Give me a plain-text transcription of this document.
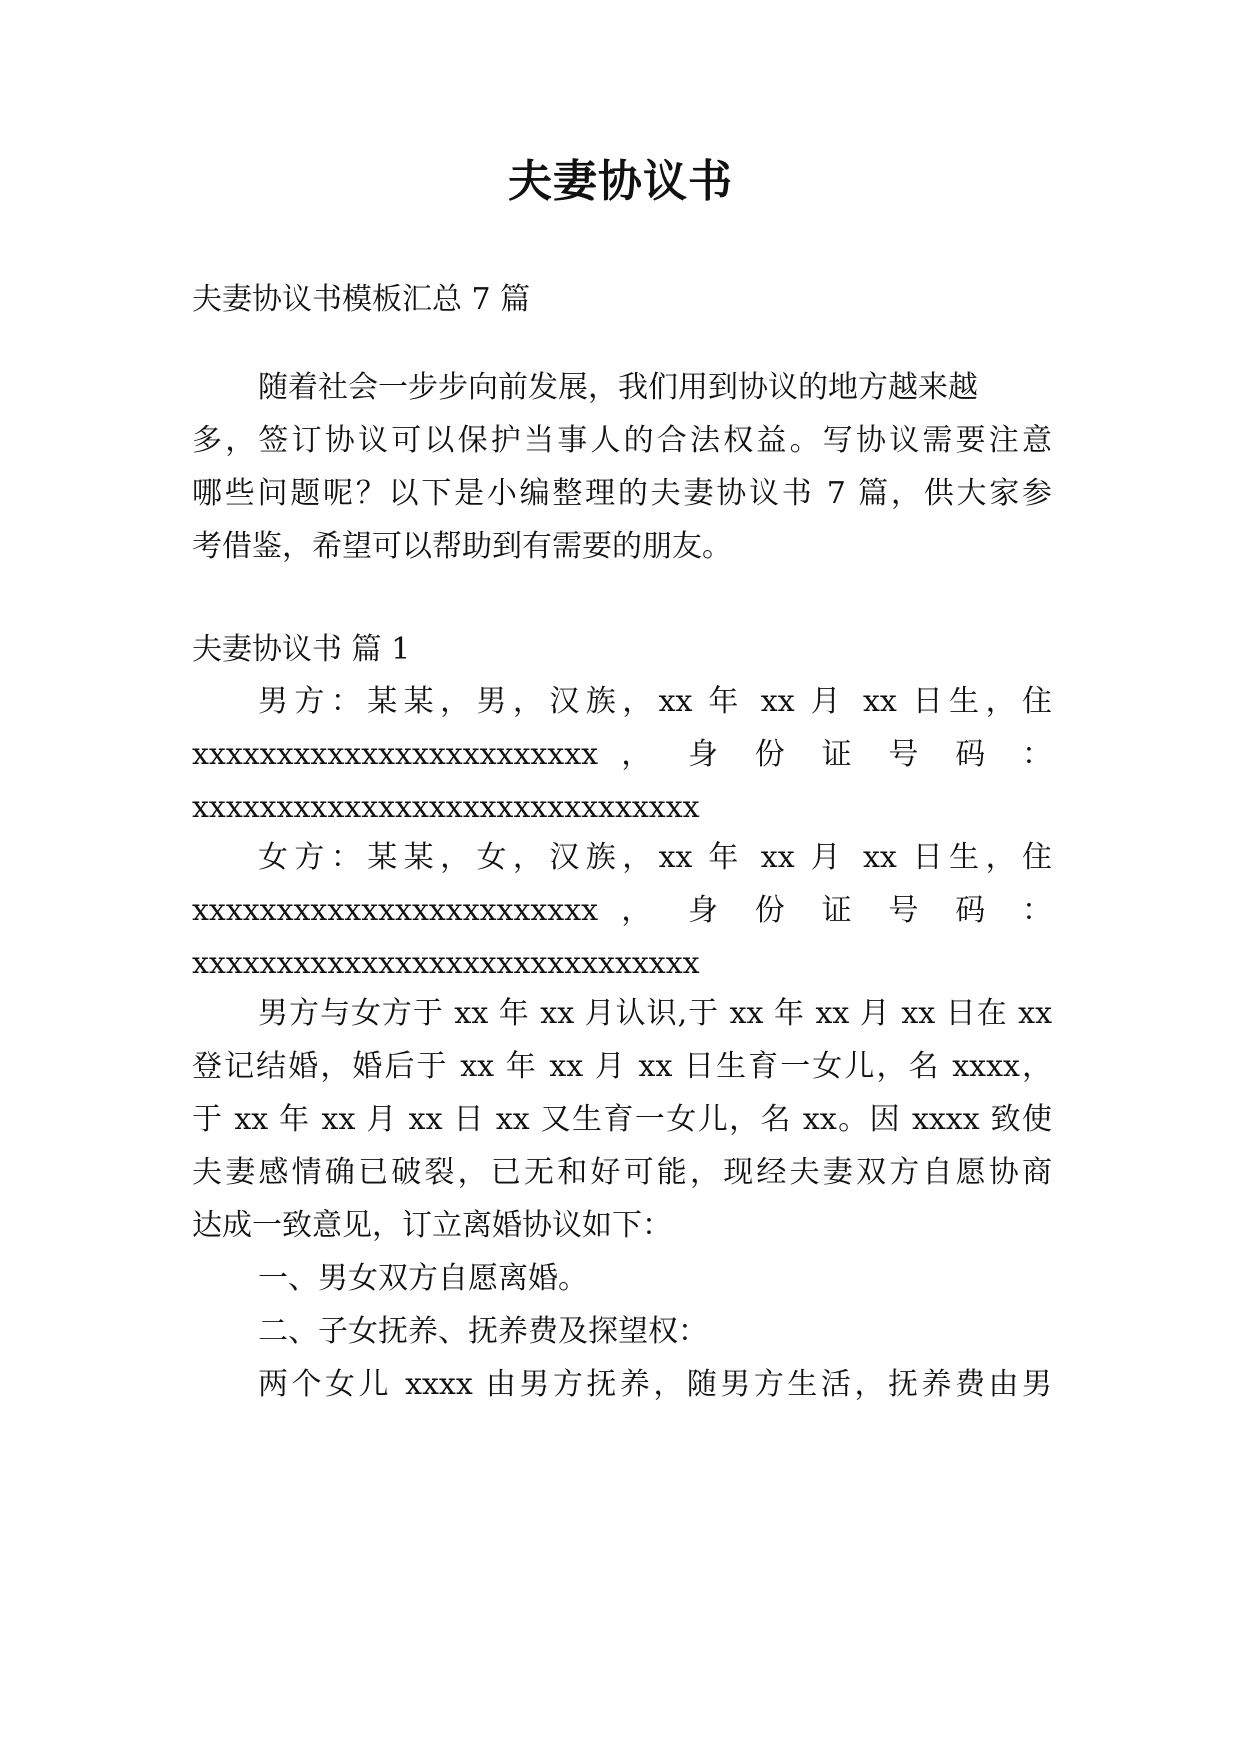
夫妻协议书
夫妻协议书模板汇总 7 篇
随着社会一步步向前发展，我们用到协议的地方越来越
多，签订协议可以保护当事人的合法权益。写协议需要注意
哪些问题呢？以下是小编整理的夫妻协议书 7 篇，供大家参
考借鉴，希望可以帮助到有需要的朋友。
夫妻协议书 篇 1
男方：某某，男，汉族，xx 年 xx 月 xx 日生，住
xxxxxxxxxxxxxxxxxxxxxxxx ， 身 份 证 号 码 ：
xxxxxxxxxxxxxxxxxxxxxxxxxxxxxx
女方：某某，女，汉族，xx 年 xx 月 xx 日生，住
xxxxxxxxxxxxxxxxxxxxxxxx ， 身 份 证 号 码 ：
xxxxxxxxxxxxxxxxxxxxxxxxxxxxxx
男方与女方于 xx 年 xx 月认识,于 xx 年 xx 月 xx 日在 xx
登记结婚，婚后于 xx 年 xx 月 xx 日生育一女儿，名 xxxx，
于 xx 年 xx 月 xx 日 xx 又生育一女儿，名 xx。因 xxxx 致使
夫妻感情确已破裂，已无和好可能，现经夫妻双方自愿协商
达成一致意见，订立离婚协议如下：
一、男女双方自愿离婚。
二、子女抚养、抚养费及探望权：
两个女儿 xxxx 由男方抚养，随男方生活，抚养费由男
